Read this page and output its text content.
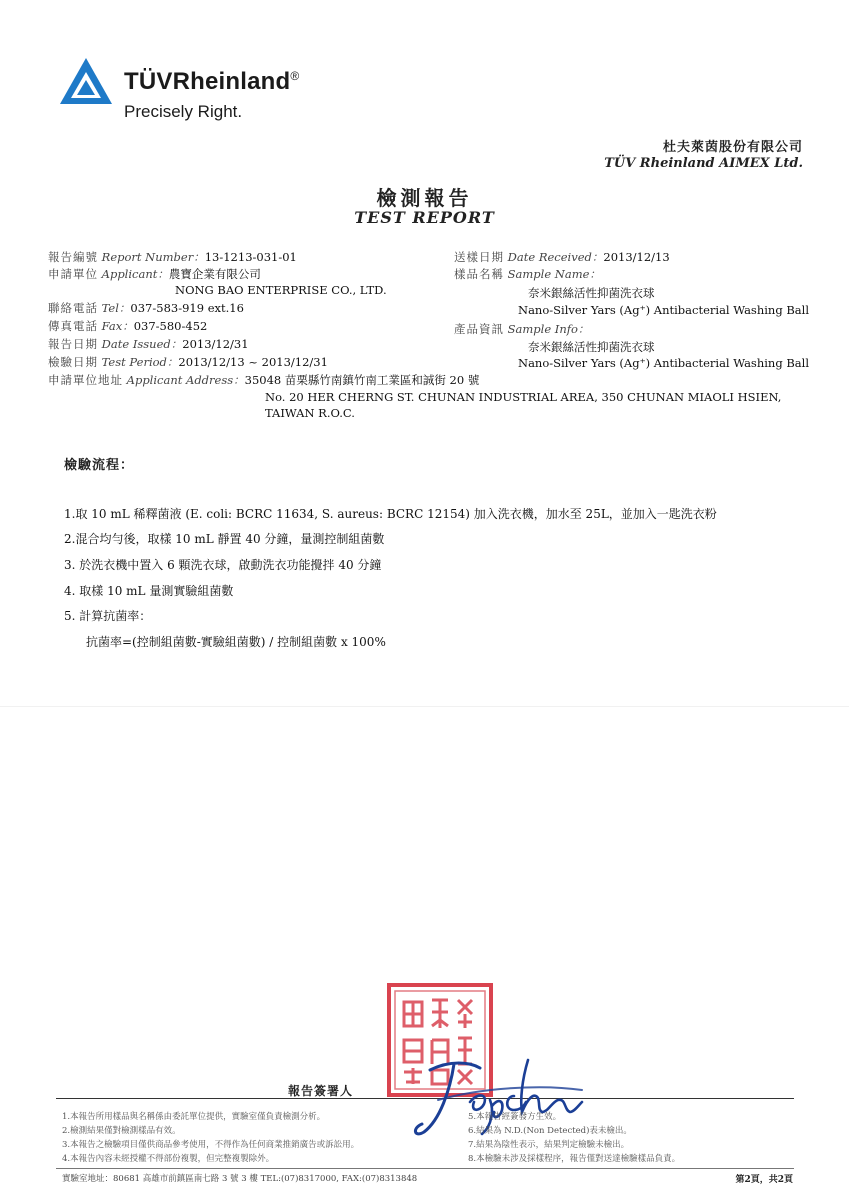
TÜVRheinland®
Precisely Right.
杜夫萊茵股份有限公司
TÜV Rheinland AIMEX Ltd.
檢測報告
TEST REPORT
報告編號 Report Number：13-1213-031-01
申請單位 Applicant：農寶企業有限公司
NONG BAO ENTERPRISE CO., LTD.
聯絡電話 Tel：037-583-919 ext.16
傳真電話 Fax：037-580-452
報告日期 Date Issued：2013/12/31
檢驗日期 Test Period：2013/12/13 ~ 2013/12/31
申請單位地址 Applicant Address：35048 苗栗縣竹南鎮竹南工業區和誠街 20 號
No. 20 HER CHERNG ST. CHUNAN INDUSTRIAL AREA, 350 CHUNAN MIAOLI HSIEN,
TAIWAN R.O.C.
送樣日期 Date Received：2013/12/13
樣品名稱 Sample Name：
奈米銀絲活性抑菌洗衣球
Nano-Silver Yars (Ag⁺) Antibacterial Washing Ball
產品資訊 Sample Info：
奈米銀絲活性抑菌洗衣球
Nano-Silver Yars (Ag⁺) Antibacterial Washing Ball
檢驗流程：
1.取 10 mL 稀釋菌液 (E. coli: BCRC 11634, S. aureus: BCRC 12154) 加入洗衣機，加水至 25L，並加入一匙洗衣粉
2.混合均勻後，取樣 10 mL 靜置 40 分鐘，量測控制組菌數
3. 於洗衣機中置入 6 顆洗衣球，啟動洗衣功能攪拌 40 分鐘
4. 取樣 10 mL 量測實驗組菌數
5. 計算抗菌率：
抗菌率=(控制組菌數-實驗組菌數) / 控制組菌數 x 100%
報告簽署人
1.本報告所用樣品與名稱係由委託單位提供，實驗室僅負責檢測分析。
2.檢測結果僅對檢測樣品有效。
3.本報告之檢驗項目僅供商品參考使用，不得作為任何商業推銷廣告或訴訟用。
4.本報告內容未經授權不得部份複製，但完整複製除外。
5.本報告經簽發方生效。
6.結果為 N.D.(Non Detected)表未檢出。
7.結果為陰性表示，結果判定檢驗未檢出。
8.本檢驗未涉及採樣程序，報告僅對送達檢驗樣品負責。
實驗室地址：80681 高雄市前鎮區南七路 3 號 3 樓 TEL:(07)8317000, FAX:(07)8313848	第2頁，共2頁
